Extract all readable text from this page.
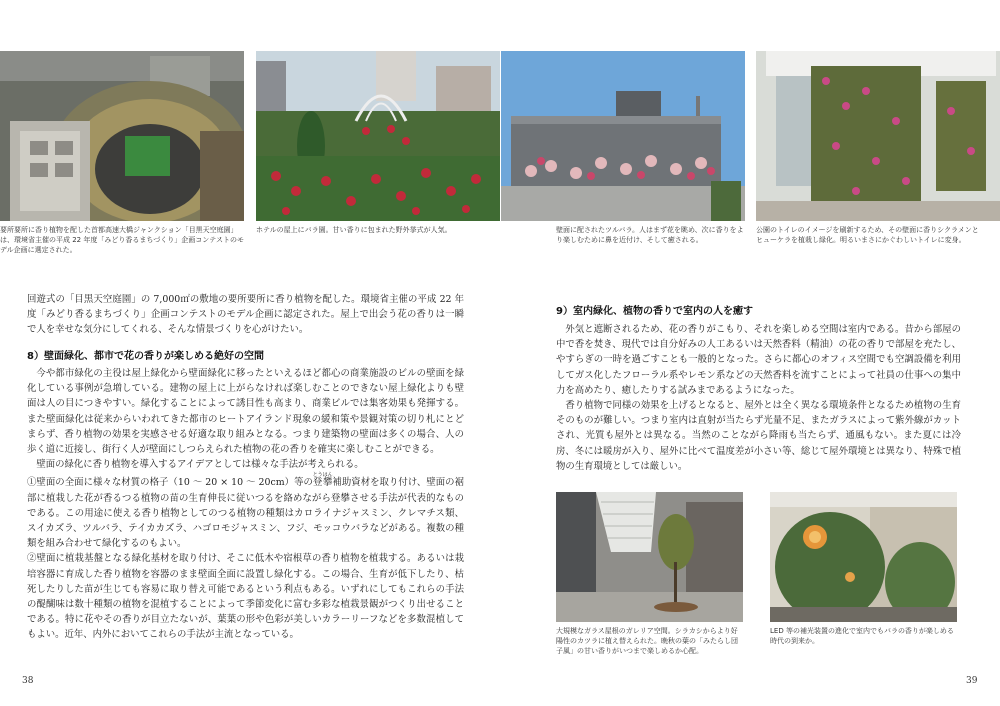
要所要所に香り植物を配した首都高速大橋ジャンクション「目黒天空庭園」は、環境省主催の平成 22 年度「みどり香るまちづくり」企画コンテストのモデル企画に選定された。
ホテルの屋上にバラ園。甘い香りに包まれた野外挙式が人気。	壁面に配されたツルバラ。人はまず花を眺め、次に香りをより楽しむために鼻を近付け、そして癒される。
公園のトイレのイメージを刷新するため、その壁面に香りシクラメンとヒューケラを植栽し緑化。明るいまさにかぐわしいトイレに変身。

回遊式の「目黒天空庭園」の 7,000㎡の敷地の要所要所に香り植物を配した。環境省主催の平成 22 年度「みどり香るまちづくり」企画コンテストのモデル企画に認定された。屋上で出会う花の香りは一瞬で人を幸せな気分にしてくれる、そんな情景づくりを心がけたい。

8）壁面緑化、都市で花の香りが楽しめる絶好の空間

今や都市緑化の主役は屋上緑化から壁面緑化に移ったといえるほど都心の商業施設のビルの壁面を緑化している事例が急増している。建物の屋上に上がらなければ楽しむことのできない屋上緑化よりも壁面は人の目につきやすい。緑化することによって誘目性も高まり、商業ビルでは集客効果も発揮する。また壁面緑化は従来からいわれてきた都市のヒートアイランド現象の緩和策や景観対策の切り札にとどまらず、香り植物の効果を実感させる好適な取り組みとなる。つまり建築物の壁面は多くの場合、人の歩く道に近接し、街行く人が壁面にしつらえられた植物の花の香りを確実に楽しむことができる。

壁面の緑化に香り植物を導入するアイデアとしては様々な手法が考えられる。

①壁面の全面に様々な材質の格子（10 ～ 20 × 10 ～ 20cm）等の登攀とうはん補助資材を取り付け、壁面の裾部に植栽した花が香るつる植物の苗の生育伸長に従いつるを絡めながら登攀させる手法が代表的なものである。この用途に使える香り植物としてのつる植物の種類はカロライナジャスミン、クレマチス類、スイカズラ、ツルバラ、テイカカズラ、ハゴロモジャスミン、フジ、モッコウバラなどがある。複数の種類を組み合わせて緑化するのもよい。

②壁面に植栽基盤となる緑化基材を取り付け、そこに低木や宿根草の香り植物を植栽する。あるいは栽培容器に育成した香り植物を容器のまま壁面全面に設置し緑化する。この場合、生育が低下したり、枯死したりした苗が生じても容易に取り替え可能であるという利点もある。いずれにしてもこれらの手法の醍醐味は数十種類の植物を混植することによって季節変化に富む多彩な植栽景観がつくり出せることである。特に花やその香りが目立たないが、葉葉の形や色彩が美しいカラーリーフなどを多数混植してもよい。近年、内外においてこれらの手法が主流となっている。

9）室内緑化、植物の香りで室内の人を癒す

外気と遮断されるため、花の香りがこもり、それを楽しめる空間は室内である。昔から部屋の中で香を焚き、現代では自分好みの人工あるいは天然香料（精油）の花の香りで部屋を充たし、やすらぎの一時を過ごすことも一般的となった。さらに都心のオフィス空間でも空調設備を利用してガス化したフローラル系やレモン系などの天然香料を流すことによって社員の仕事への集中力を高めたり、癒したりする試みまであるようになった。

香り植物で同様の効果を上げるとなると、屋外とは全く異なる環境条件となるため植物の生育そのものが難しい。つまり室内は直射が当たらず光量不足、またガラスによって紫外線がカットされ、光質も屋外とは異なる。当然のことながら降雨も当たらず、通風もない。また夏には冷房、冬には暖房が入り、屋外に比べて温度差が小さい等、総じて屋外環境とは異なり、特殊で植物の生育環境としては厳しい。

大規模なガラス屋根のガレリア空間。シラカシからより好陽性のカツラに植え替えられた。晩秋の葉の「みたらし団子風」の甘い香りがいつまで楽しめるか心配。
LED 等の補光装置の進化で室内でもバラの香りが楽しめる時代の到来か。
38	39
